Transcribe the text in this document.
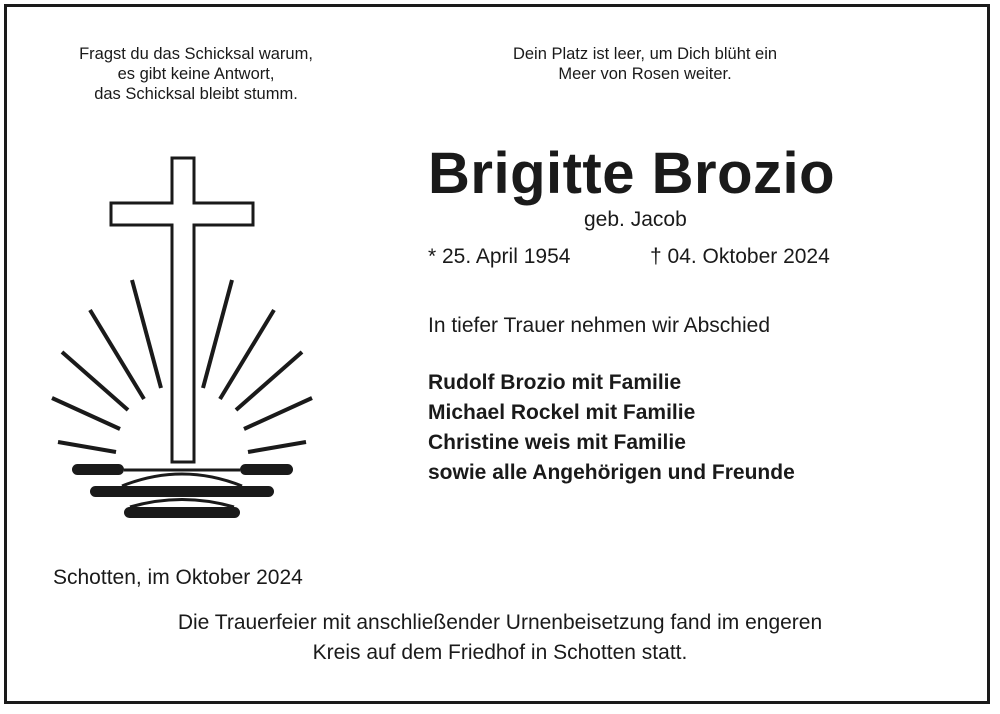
Fragst du das Schicksal warum,
es gibt keine Antwort,
das Schicksal bleibt stumm.
Dein Platz ist leer, um Dich blüht ein
Meer von Rosen weiter.
Brigitte Brozio
geb. Jacob
* 25. April 1954	† 04. Oktober 2024
In tiefer Trauer nehmen wir Abschied
Rudolf Brozio mit Familie
Michael Rockel mit Familie
Christine weis mit Familie
sowie alle Angehörigen und Freunde
Schotten, im Oktober 2024
Die Trauerfeier mit anschließender Urnenbeisetzung fand im engeren
Kreis auf dem Friedhof in Schotten statt.
